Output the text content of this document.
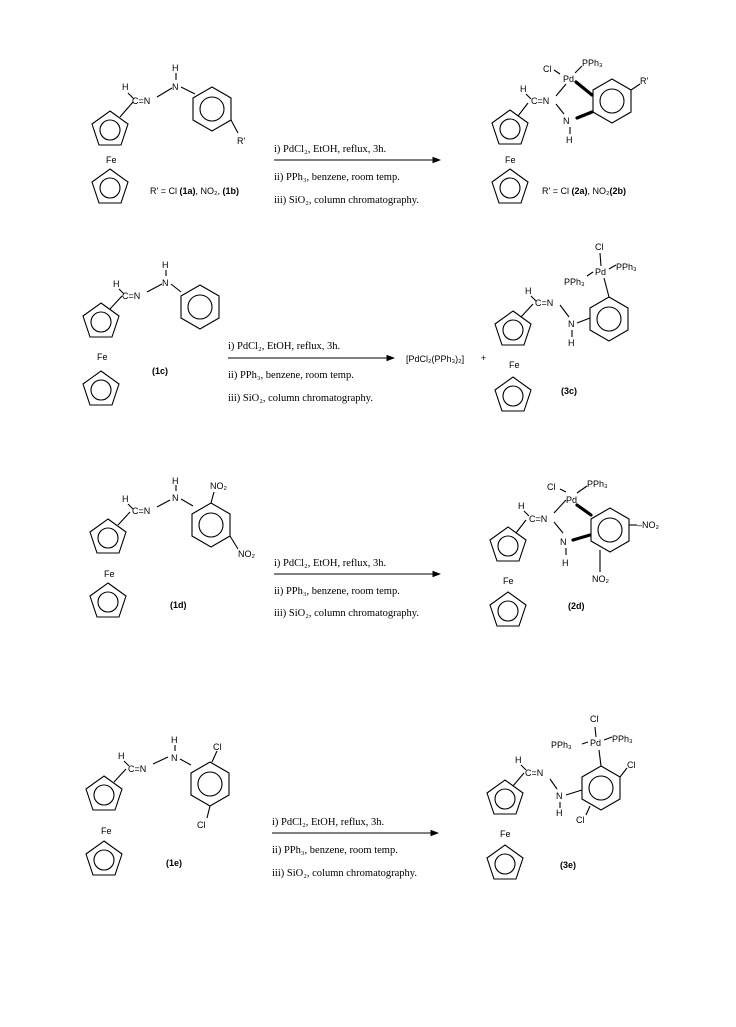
Fe
H
C=N
N
H
R'
R' = Cl (1a), NO₂, (1b)
i) PdCl₂, EtOH, reflux, 3h.
ii) PPh₃, benzene, room temp.
iii) SiO₂, column chromatography.
Fe
H
C=N
N
H
Pd
Cl
PPh₃
R'
R' = Cl (2a), NO₂(2b)
Fe
H
C=N
N
H
(1c)
i) PdCl₂, EtOH, reflux, 3h.
ii) PPh₃, benzene, room temp.
iii) SiO₂, column chromatography.
[PdCl₂(PPh₃)₂] +
Fe
H
C=N
N
H
Pd
Cl
PPh₃
PPh₃
(3c)
Fe
H
C=N
N
H	NO₂
NO₂
(1d)
i) PdCl₂, EtOH, reflux, 3h.
ii) PPh₃, benzene, room temp.
iii) SiO₂, column chromatography.
Fe
H
C=N
N
H
Pd
Cl	PPh₃
–NO₂
NO₂
(2d)
Fe
H
C=N
N
H
Cl
Cl
(1e)
i) PdCl₂, EtOH, reflux, 3h.
ii) PPh₃, benzene, room temp.
iii) SiO₂, column chromatography.
Fe
H
C=N
N
H
Pd
Cl
PPh₃
PPh₃
Cl
Cl
(3e)
